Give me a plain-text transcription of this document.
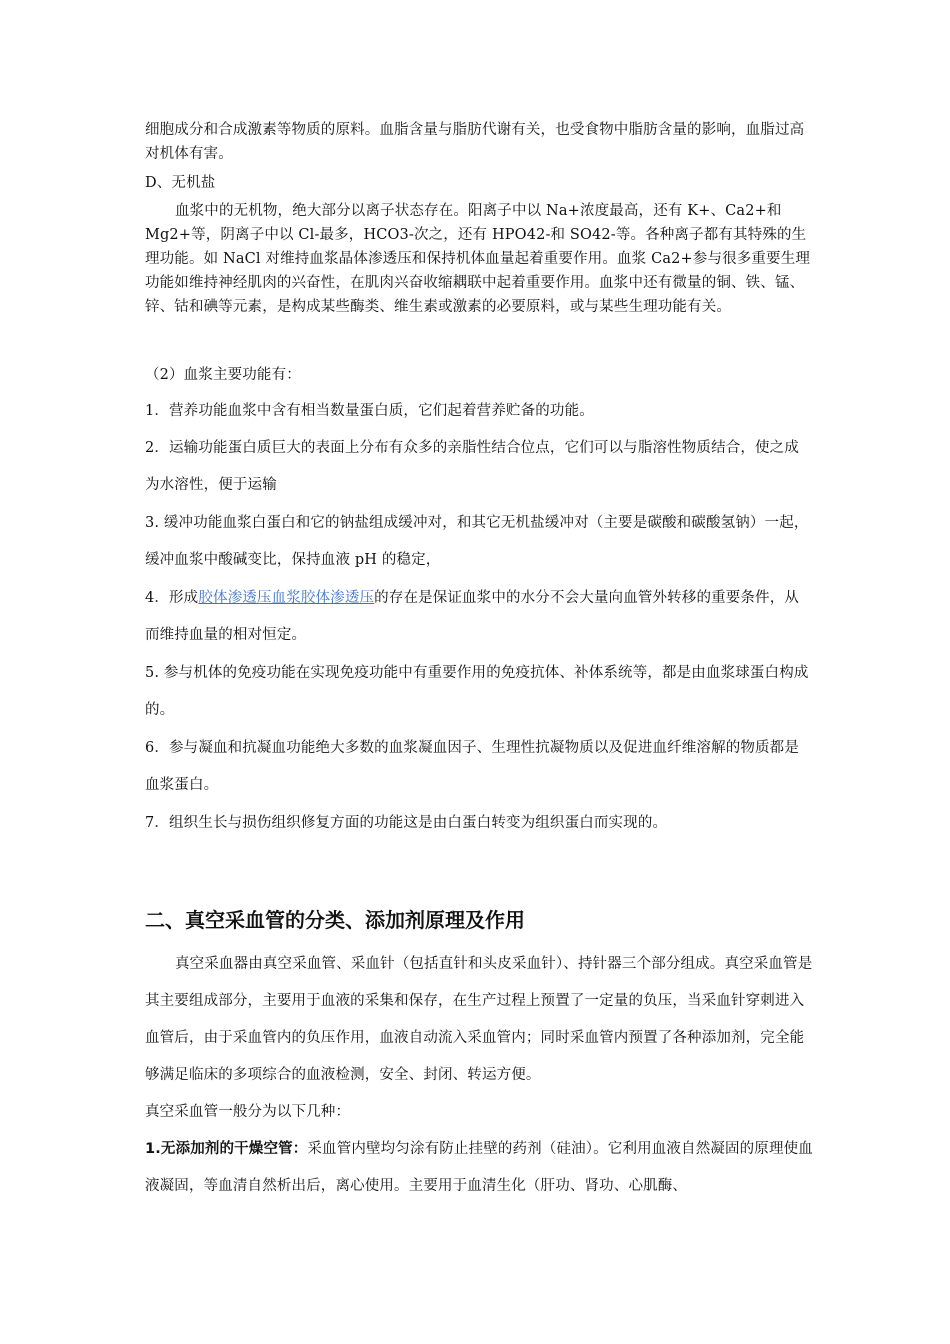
细胞成分和合成激素等物质的原料。血脂含量与脂肪代谢有关，也受食物中脂肪含量的影响，血脂过高对机体有害。
D、无机盐
血浆中的无机物，绝大部分以离子状态存在。阳离子中以 Na+浓度最高，还有 K+、Ca2+和 Mg2+等，阴离子中以 Cl-最多，HCO3-次之，还有 HPO42-和 SO42-等。各种离子都有其特殊的生理功能。如 NaCl 对维持血浆晶体渗透压和保持机体血量起着重要作用。血浆 Ca2+参与很多重要生理功能如维持神经肌肉的兴奋性，在肌肉兴奋收缩耦联中起着重要作用。血浆中还有微量的铜、铁、锰、锌、钴和碘等元素，是构成某些酶类、维生素或激素的必要原料，或与某些生理功能有关。
（2）血浆主要功能有：
1．营养功能血浆中含有相当数量蛋白质，它们起着营养贮备的功能。
2．运输功能蛋白质巨大的表面上分布有众多的亲脂性结合位点，它们可以与脂溶性物质结合，使之成为水溶性，便于运输
3. 缓冲功能血浆白蛋白和它的钠盐组成缓冲对，和其它无机盐缓冲对（主要是碳酸和碳酸氢钠）一起，缓冲血浆中酸碱变比，保持血液 pH 的稳定，
4．形成胶体渗透压血浆胶体渗透压的存在是保证血浆中的水分不会大量向血管外转移的重要条件，从而维持血量的相对恒定。
5. 参与机体的免疫功能在实现免疫功能中有重要作用的免疫抗体、补体系统等，都是由血浆球蛋白构成的。
6．参与凝血和抗凝血功能绝大多数的血浆凝血因子、生理性抗凝物质以及促进血纤维溶解的物质都是血浆蛋白。
7．组织生长与损伤组织修复方面的功能这是由白蛋白转变为组织蛋白而实现的。
二、真空采血管的分类、添加剂原理及作用
真空采血器由真空采血管、采血针（包括直针和头皮采血针）、持针器三个部分组成。真空采血管是其主要组成部分，主要用于血液的采集和保存，在生产过程上预置了一定量的负压，当采血针穿刺进入血管后，由于采血管内的负压作用，血液自动流入采血管内；同时采血管内预置了各种添加剂，完全能够满足临床的多项综合的血液检测，安全、封闭、转运方便。
真空采血管一般分为以下几种：
1.无添加剂的干燥空管：采血管内壁均匀涂有防止挂壁的药剂（硅油）。它利用血液自然凝固的原理使血液凝固，等血清自然析出后，离心使用。主要用于血清生化（肝功、肾功、心肌酶、
